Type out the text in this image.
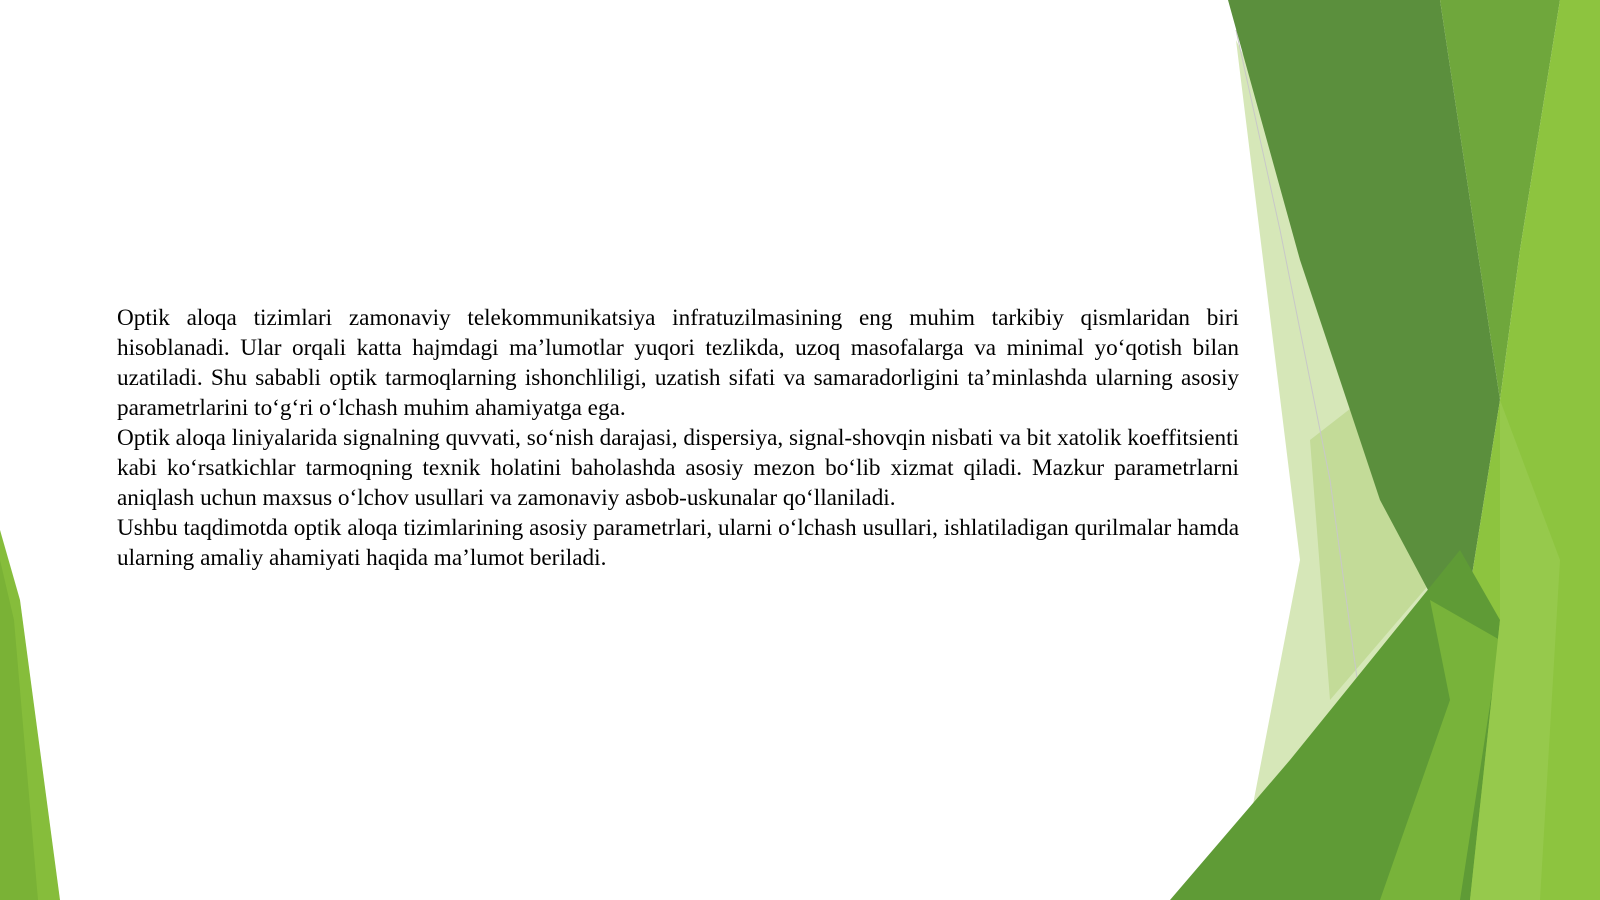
Optik aloqa tizimlari zamonaviy telekommunikatsiya infratuzilmasining eng muhim tarkibiy qismlaridan biri hisoblanadi. Ular orqali katta hajmdagi ma’lumotlar yuqori tezlikda, uzoq masofalarga va minimal yo‘qotish bilan uzatiladi. Shu sababli optik tarmoqlarning ishonchliligi, uzatish sifati va samaradorligini ta’minlashda ularning asosiy parametrlarini to‘g‘ri o‘lchash muhim ahamiyatga ega.

Optik aloqa liniyalarida signalning quvvati, so‘nish darajasi, dispersiya, signal-shovqin nisbati va bit xatolik koeffitsienti kabi ko‘rsatkichlar tarmoqning texnik holatini baholashda asosiy mezon bo‘lib xizmat qiladi. Mazkur parametrlarni aniqlash uchun maxsus o‘lchov usullari va zamonaviy asbob-uskunalar qo‘llaniladi.

Ushbu taqdimotda optik aloqa tizimlarining asosiy parametrlari, ularni o‘lchash usullari, ishlatiladigan qurilmalar hamda ularning amaliy ahamiyati haqida ma’lumot beriladi.
